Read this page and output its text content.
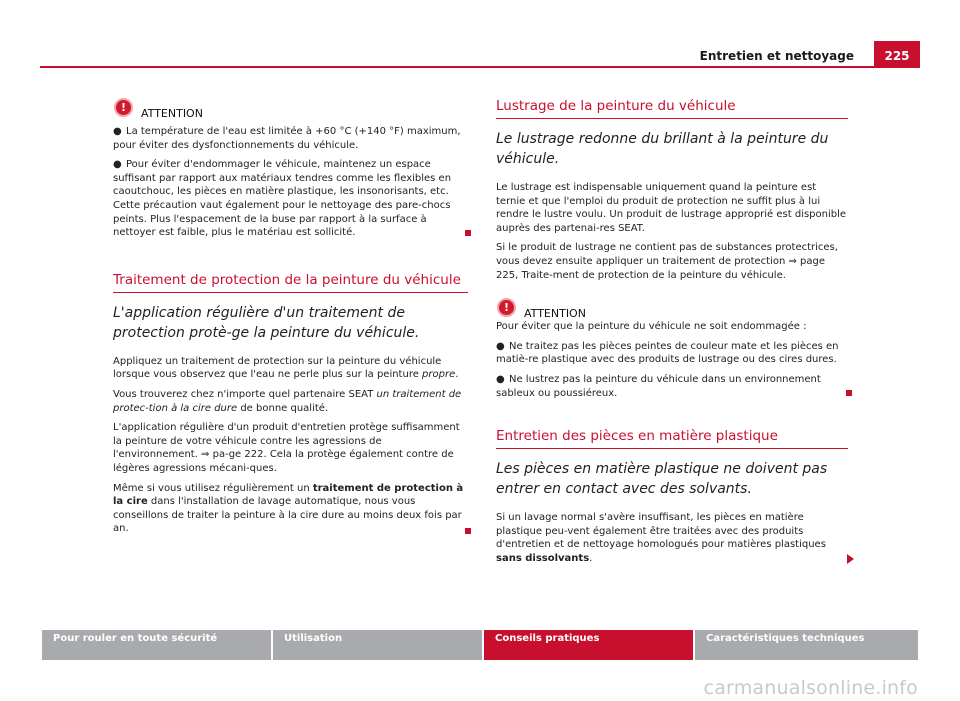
Entretien et nettoyage	225
!	ATTENTION

● La température de l'eau est limitée à +60 °C (+140 °F) maximum, pour éviter des dysfonctionnements du véhicule.

● Pour éviter d'endommager le véhicule, maintenez un espace suffisant par rapport aux matériaux tendres comme les flexibles en caoutchouc, les pièces en matière plastique, les insonorisants, etc. Cette précaution vaut également pour le nettoyage des pare-chocs peints. Plus l'espacement de la buse par rapport à la surface à nettoyer est faible, plus le matériau est sollicité.

Traitement de protection de la peinture du véhicule
L'application régulière d'un traitement de protection protè-ge la peinture du véhicule.

Appliquez un traitement de protection sur la peinture du véhicule lorsque vous observez que l'eau ne perle plus sur la peinture propre.

Vous trouverez chez n'importe quel partenaire SEAT un traitement de protec-tion à la cire dure de bonne qualité.

L'application régulière d'un produit d'entretien protège suffisamment la peinture de votre véhicule contre les agressions de l'environnement. ⇒ pa-ge 222. Cela la protège également contre de légères agressions mécani-ques.

Même si vous utilisez régulièrement un traitement de protection à la cire dans l'installation de lavage automatique, nous vous conseillons de traiter la peinture à la cire dure au moins deux fois par an.

Lustrage de la peinture du véhicule
Le lustrage redonne du brillant à la peinture du véhicule.

Le lustrage est indispensable uniquement quand la peinture est ternie et que l'emploi du produit de protection ne suffit plus à lui rendre le lustre voulu. Un produit de lustrage approprié est disponible auprès des partenai-res SEAT.

Si le produit de lustrage ne contient pas de substances protectrices, vous devez ensuite appliquer un traitement de protection ⇒ page 225, Traite-ment de protection de la peinture du véhicule.

!	ATTENTION

Pour éviter que la peinture du véhicule ne soit endommagée :

● Ne traitez pas les pièces peintes de couleur mate et les pièces en matiè-re plastique avec des produits de lustrage ou des cires dures.

● Ne lustrez pas la peinture du véhicule dans un environnement sableux ou poussiéreux.

Entretien des pièces en matière plastique
Les pièces en matière plastique ne doivent pas entrer en contact avec des solvants.

Si un lavage normal s'avère insuffisant, les pièces en matière plastique peu-vent également être traitées avec des produits d'entretien et de nettoyage homologués pour matières plastiques sans dissolvants.

Pour rouler en toute sécurité	Utilisation	Conseils pratiques	Caractéristiques techniques
carmanualsonline.info
